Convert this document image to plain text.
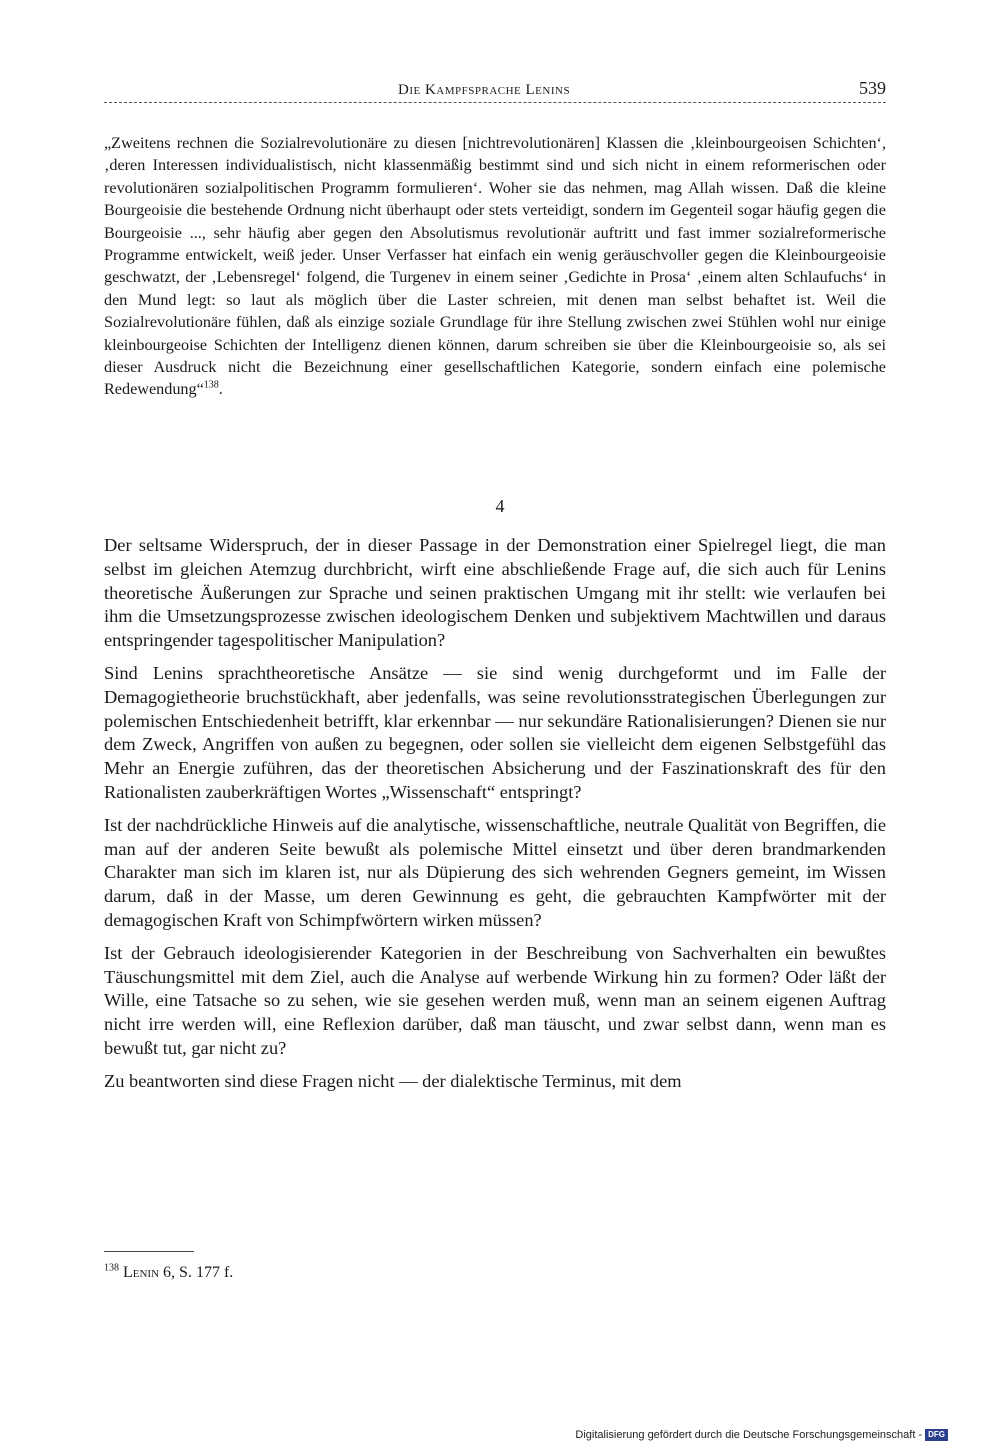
Die Kampfsprache Lenins	539

„Zweitens rechnen die Sozialrevolutionäre zu diesen [nichtrevolutionären] Klassen die ‚kleinbourgeoisen Schichten‘, ‚deren Interessen individualistisch, nicht klassenmäßig bestimmt sind und sich nicht in einem reformerischen oder revolutionären sozialpolitischen Programm formulieren‘. Woher sie das nehmen, mag Allah wissen. Daß die kleine Bourgeoisie die bestehende Ordnung nicht überhaupt oder stets verteidigt, sondern im Gegenteil sogar häufig gegen die Bourgeoisie ..., sehr häufig aber gegen den Absolutismus revolutionär auftritt und fast immer sozialreformerische Programme entwickelt, weiß jeder. Unser Verfasser hat einfach ein wenig geräuschvoller gegen die Kleinbourgeoisie geschwatzt, der ‚Lebensregel‘ folgend, die Turgenev in einem seiner ‚Gedichte in Prosa‘ ‚einem alten Schlaufuchs‘ in den Mund legt: so laut als möglich über die Laster schreien, mit denen man selbst behaftet ist. Weil die Sozialrevolutionäre fühlen, daß als einzige soziale Grundlage für ihre Stellung zwischen zwei Stühlen wohl nur einige kleinbourgeoise Schichten der Intelligenz dienen können, darum schreiben sie über die Kleinbourgeoisie so, als sei dieser Ausdruck nicht die Bezeichnung einer gesellschaftlichen Kategorie, sondern einfach eine polemische Redewendung“$^{138}$.

4

Der seltsame Widerspruch, der in dieser Passage in der Demonstration einer Spielregel liegt, die man selbst im gleichen Atemzug durchbricht, wirft eine abschließende Frage auf, die sich auch für Lenins theoretische Äußerungen zur Sprache und seinen praktischen Umgang mit ihr stellt: wie verlaufen bei ihm die Umsetzungsprozesse zwischen ideologischem Denken und subjektivem Machtwillen und daraus entspringender tagespolitischer Manipulation?

Sind Lenins sprachtheoretische Ansätze — sie sind wenig durchgeformt und im Falle der Demagogietheorie bruchstückhaft, aber jedenfalls, was seine revolutionsstrategischen Überlegungen zur polemischen Entschiedenheit betrifft, klar erkennbar — nur sekundäre Rationalisierungen? Dienen sie nur dem Zweck, Angriffen von außen zu begegnen, oder sollen sie vielleicht dem eigenen Selbstgefühl das Mehr an Energie zuführen, das der theoretischen Absicherung und der Faszinationskraft des für den Rationalisten zauberkräftigen Wortes „Wissenschaft“ entspringt?

Ist der nachdrückliche Hinweis auf die analytische, wissenschaftliche, neutrale Qualität von Begriffen, die man auf der anderen Seite bewußt als polemische Mittel einsetzt und über deren brandmarkenden Charakter man sich im klaren ist, nur als Düpierung des sich wehrenden Gegners gemeint, im Wissen darum, daß in der Masse, um deren Gewinnung es geht, die gebrauchten Kampfwörter mit der demagogischen Kraft von Schimpfwörtern wirken müssen?

Ist der Gebrauch ideologisierender Kategorien in der Beschreibung von Sachverhalten ein bewußtes Täuschungsmittel mit dem Ziel, auch die Analyse auf werbende Wirkung hin zu formen? Oder läßt der Wille, eine Tatsache so zu sehen, wie sie gesehen werden muß, wenn man an seinem eigenen Auftrag nicht irre werden will, eine Reflexion darüber, daß man täuscht, und zwar selbst dann, wenn man es bewußt tut, gar nicht zu?

Zu beantworten sind diese Fragen nicht — der dialektische Terminus, mit dem

$^{138}$ Lenin 6, S. 177 f.
Digitalisierung gefördert durch die Deutsche Forschungsgemeinschaft - DFG
